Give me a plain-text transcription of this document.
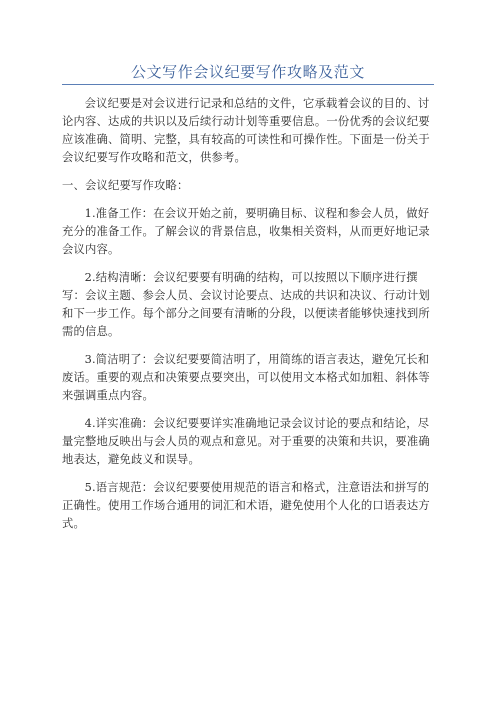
公文写作会议纪要写作攻略及范文

会议纪要是对会议进行记录和总结的文件，它承载着会议的目的、讨论内容、达成的共识以及后续行动计划等重要信息。一份优秀的会议纪要应该准确、简明、完整，具有较高的可读性和可操作性。下面是一份关于会议纪要写作攻略和范文，供参考。

一、会议纪要写作攻略：

1.准备工作：在会议开始之前，要明确目标、议程和参会人员，做好充分的准备工作。了解会议的背景信息，收集相关资料，从而更好地记录会议内容。

2.结构清晰：会议纪要要有明确的结构，可以按照以下顺序进行撰写：会议主题、参会人员、会议讨论要点、达成的共识和决议、行动计划和下一步工作。每个部分之间要有清晰的分段，以便读者能够快速找到所需的信息。

3.简洁明了：会议纪要要简洁明了，用简练的语言表达，避免冗长和废话。重要的观点和决策要点要突出，可以使用文本格式如加粗、斜体等来强调重点内容。

4.详实准确：会议纪要要详实准确地记录会议讨论的要点和结论，尽量完整地反映出与会人员的观点和意见。对于重要的决策和共识，要准确地表达，避免歧义和误导。

5.语言规范：会议纪要要使用规范的语言和格式，注意语法和拼写的正确性。使用工作场合通用的词汇和术语，避免使用个人化的口语表达方式。
